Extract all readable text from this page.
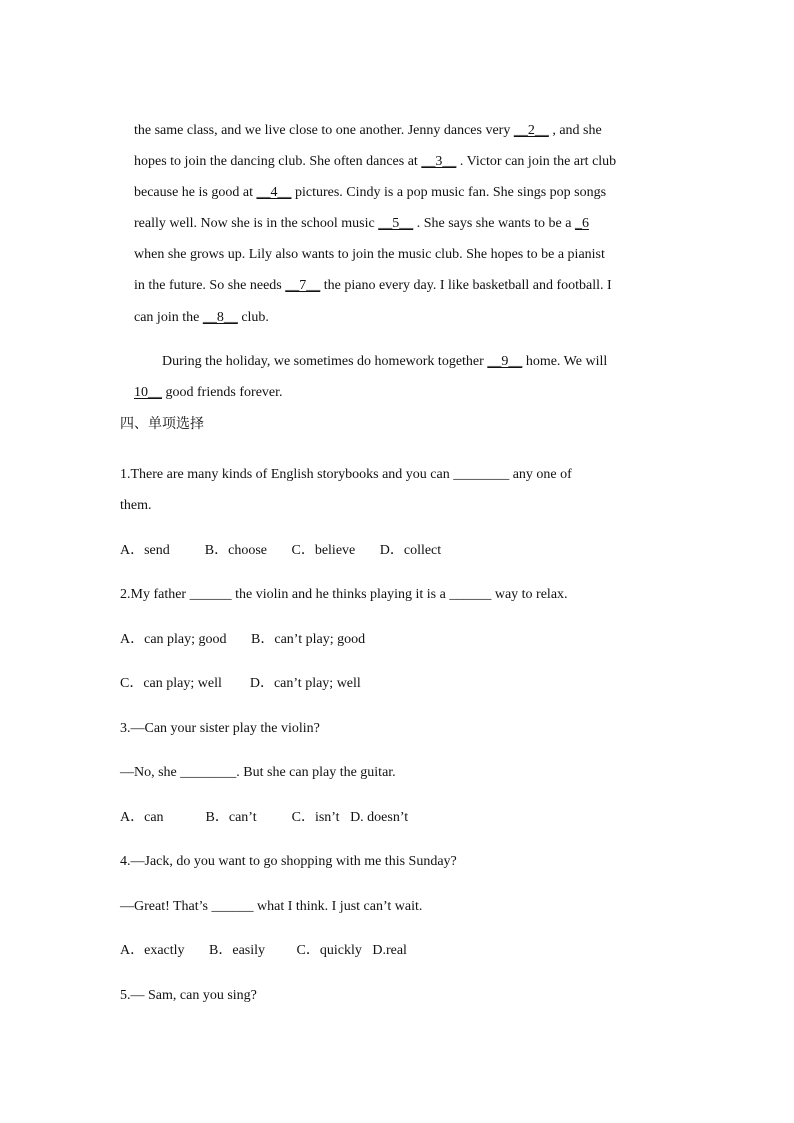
the same class, and we live close to one another. Jenny dances very __2__ , and she

hopes to join the dancing club. She often dances at __3__ . Victor can join the art club

because he is good at __4__ pictures. Cindy is a pop music fan. She sings pop songs

really well. Now she is in the school music __5__ . She says she wants to be a _6

when she grows up. Lily also wants to join the music club. She hopes to be a pianist

in the future. So she needs __7__ the piano every day. I like basketball and football. I

can join the __8__ club.

During the holiday, we sometimes do homework together __9__ home. We will

10__ good friends forever.

四、单项选择
1.There are many kinds of English storybooks and you can ________ any one of
them.
A．send          B．choose       C．believe       D．collect
2.My father ______ the violin and he thinks playing it is a ______ way to relax.
A．can play; good       B．can’t play; good
C．can play; well        D．can’t play; well
3.—Can your sister play the violin?
—No, she ________. But she can play the guitar.
A．can            B．can’t          C．isn’t   D. doesn’t
4.—Jack, do you want to go shopping with me this Sunday?
—Great! That’s ______ what I think. I just can’t wait.
A．exactly       B．easily         C．quickly   D.real
5.— Sam, can you sing?
